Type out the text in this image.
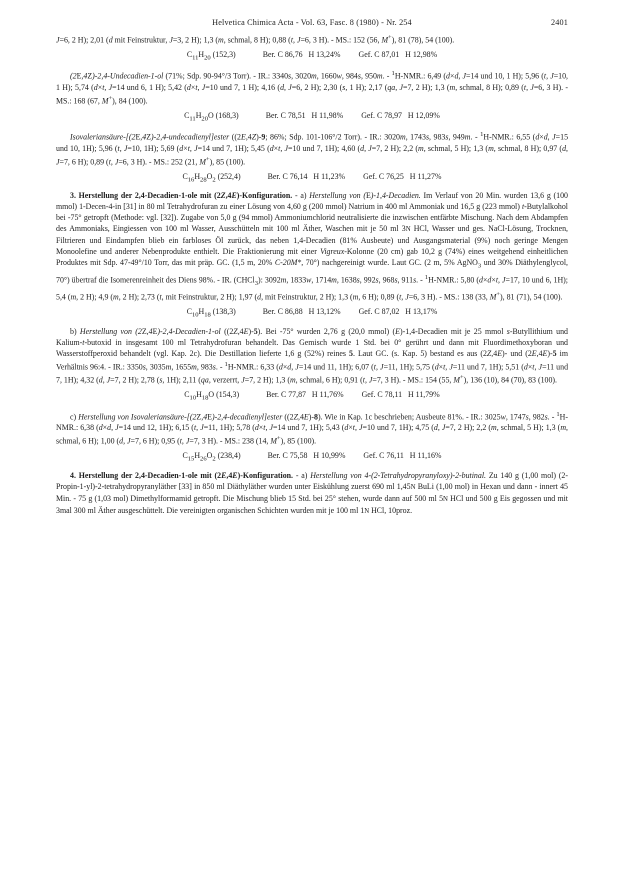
Helvetica Chimica Acta - Vol. 63, Fasc. 8 (1980) - Nr. 254	2401

J=6, 2 H); 2,01 (d mit Feinstruktur, J=3, 2 H); 1,3 (m, schmal, 8 H); 0,88 (t, J=6, 3 H). - MS.: 152 (56, M+), 81 (78), 54 (100).

$C_{11}H_{20}$ (152,3)	Ber. C 86,76   H 13,24% Gef. C 87,01   H 12,98%

(2E,4Z)-2,4-Undecadien-1-ol (71%; Sdp. 90-94°/3 Torr). - IR.: 3340s, 3020m, 1660w, 984s, 950m. - $^1$H-NMR.: 6,49 (d×d, J=14 und 10, 1 H); 5,96 (t, J=10, 1 H); 5,74 (d×t, J=14 und 6, 1 H); 5,42 (d×t, J=10 und 7, 1 H); 4,16 (d, J=6, 2 H); 2,30 (s, 1 H); 2,17 (qa, J=7, 2 H); 1,3 (m, schmal, 8 H); 0,89 (t, J=6, 3 H). - MS.: 168 (67, M+), 84 (100).

$C_{11}H_{20}O$ (168,3)	Ber. C 78,51   H 11,98% Gef. C 78,97   H 12,09%

Isovaleriansäure-[(2E,4Z)-2,4-undecadienyl]ester ((2E,4Z)-9; 86%; Sdp. 101-106°/2 Torr). - IR.: 3020m, 1743s, 983s, 949m. - $^1$H-NMR.: 6,55 (d×d, J=15 und 10, 1H); 5,96 (t, J=10, 1H); 5,69 (d×t, J=14 und 7, 1H); 5,45 (d×t, J=10 und 7, 1H); 4,60 (d, J=7, 2 H); 2,2 (m, schmal, 5 H); 1,3 (m, schmal, 8 H); 0,97 (d, J=7, 6 H); 0,89 (t, J=6, 3 H). - MS.: 252 (21, M+), 85 (100).

$C_{16}H_{28}O_2$ (252,4)	Ber. C 76,14   H 11,23% Gef. C 76,25   H 11,27%

3. Herstellung der 2,4-Decadien-1-ole mit (2Z,4E)-Konfiguration. - a) Herstellung von (E)-1,4-Decadien. Im Verlauf von 20 Min. wurden 13,6 g (100 mmol) 1-Decen-4-in [31] in 80 ml Tetrahydrofuran zu einer Lösung von 4,60 g (200 mmol) Natrium in 400 ml Ammoniak und 16,5 g (223 mmol) t-Butylalkohol bei -75° getropft (Methode: vgl. [32]). Zugabe von 5,0 g (94 mmol) Ammoniumchlorid neutralisierte die inzwischen entfärbte Mischung. Nach dem Abdampfen des Ammoniaks, Eingiessen von 100 ml Wasser, Ausschütteln mit 100 ml Äther, Waschen mit je 50 ml 3N HCl, Wasser und ges. NaCl-Lösung, Trocknen, Filtrieren und Eindampfen blieb ein farbloses Öl zurück, das neben 1,4-Decadien (81% Ausbeute) und Ausgangsmaterial (9%) noch geringe Mengen Monoolefine und anderer Nebenprodukte enthielt. Die Fraktionierung mit einer Vigreux-Kolonne (20 cm) gab 10,2 g (74%) eines weitgehend einheitlichen Produktes mit Sdp. 47-49°/10 Torr, das mit präp. GC. (1,5 m, 20% C-20M*, 70°) nachgereinigt wurde. Laut GC. (2 m, 5% AgNO$_3$ und 30% Diäthylenglycol, 70°) übertraf die Isomerenreinheit des Diens 98%. - IR. (CHCl$_3$): 3092m, 1833w, 1714m, 1638s, 992s, 968s, 911s. - $^1$H-NMR.: 5,80 (d×d×t, J=17, 10 und 6, 1H); 5,4 (m, 2 H); 4,9 (m, 2 H); 2,73 (t, mit Feinstruktur, 2 H); 1,97 (d, mit Feinstruktur, 2 H); 1,3 (m, 6 H); 0,89 (t, J=6, 3 H). - MS.: 138 (33, M+), 81 (71), 54 (100).

$C_{10}H_{18}$ (138,3)	Ber. C 86,88   H 13,12% Gef. C 87,02   H 13,17%

b) Herstellung von (2Z,4E)-2,4-Decadien-1-ol ((2Z,4E)-5). Bei -75° wurden 2,76 g (20,0 mmol) (E)-1,4-Decadien mit je 25 mmol s-Butyllithium und Kalium-t-butoxid in insgesamt 100 ml Tetrahydrofuran behandelt. Das Gemisch wurde 1 Std. bei 0° gerührt und dann mit Fluordimethoxyboran und Wasserstoffperoxid behandelt (vgl. Kap. 2c). Die Destillation lieferte 1,6 g (52%) reines 5. Laut GC. (s. Kap. 5) bestand es aus (2Z,4E)- und (2E,4E)-5 im Verhältnis 96:4. - IR.: 3350s, 3035m, 1655m, 983s. - $^1$H-NMR.: 6,33 (d×d, J=14 und 11, 1H); 6,07 (t, J=11, 1H); 5,75 (d×t, J=11 und 7, 1H); 5,51 (d×t, J=11 und 7, 1H); 4,32 (d, J=7, 2 H); 2,78 (s, 1H); 2,11 (qa, verzerrt, J=7, 2 H); 1,3 (m, schmal, 6 H); 0,91 (t, J=7, 3 H). - MS.: 154 (55, M+), 136 (10), 84 (70), 83 (100).

$C_{10}H_{18}O$ (154,3)	Ber. C 77,87   H 11,76% Gef. C 78,11   H 11,79%

c) Herstellung von Isovaleriansäure-[(2Z,4E)-2,4-decadienyl]ester ((2Z,4E)-8). Wie in Kap. 1c beschrieben; Ausbeute 81%. - IR.: 3025w, 1747s, 982s. - $^1$H-NMR.: 6,38 (d×d, J=14 und 12, 1H); 6,15 (t, J=11, 1H); 5,78 (d×t, J=14 und 7, 1H); 5,43 (d×t, J=10 und 7, 1H); 4,75 (d, J=7, 2 H); 2,2 (m, schmal, 5 H); 1,3 (m, schmal, 6 H); 1,00 (d, J=7, 6 H); 0,95 (t, J=7, 3 H). - MS.: 238 (14, M+), 85 (100).

$C_{15}H_{26}O_2$ (238,4)	Ber. C 75,58   H 10,99% Gef. C 76,11   H 11,16%

4. Herstellung der 2,4-Decadien-1-ole mit (2E,4E)-Konfiguration. - a) Herstellung von 4-(2-Tetrahydropyranyloxy)-2-butinal. Zu 140 g (1,00 mol) (2-Propin-1-yl)-2-tetrahydropyranyläther [33] in 850 ml Diäthyläther wurden unter Eiskühlung zuerst 690 ml 1,45N BuLi (1,00 mol) in Hexan und dann - innert 45 Min. - 75 g (1,03 mol) Dimethylformamid getropft. Die Mischung blieb 15 Std. bei 25° stehen, wurde dann auf 500 ml 5N HCl und 500 g Eis gegossen und mit 3mal 300 ml Äther ausgeschüttelt. Die vereinigten organischen Schichten wurden mit je 100 ml 1N HCl, 10proz.
